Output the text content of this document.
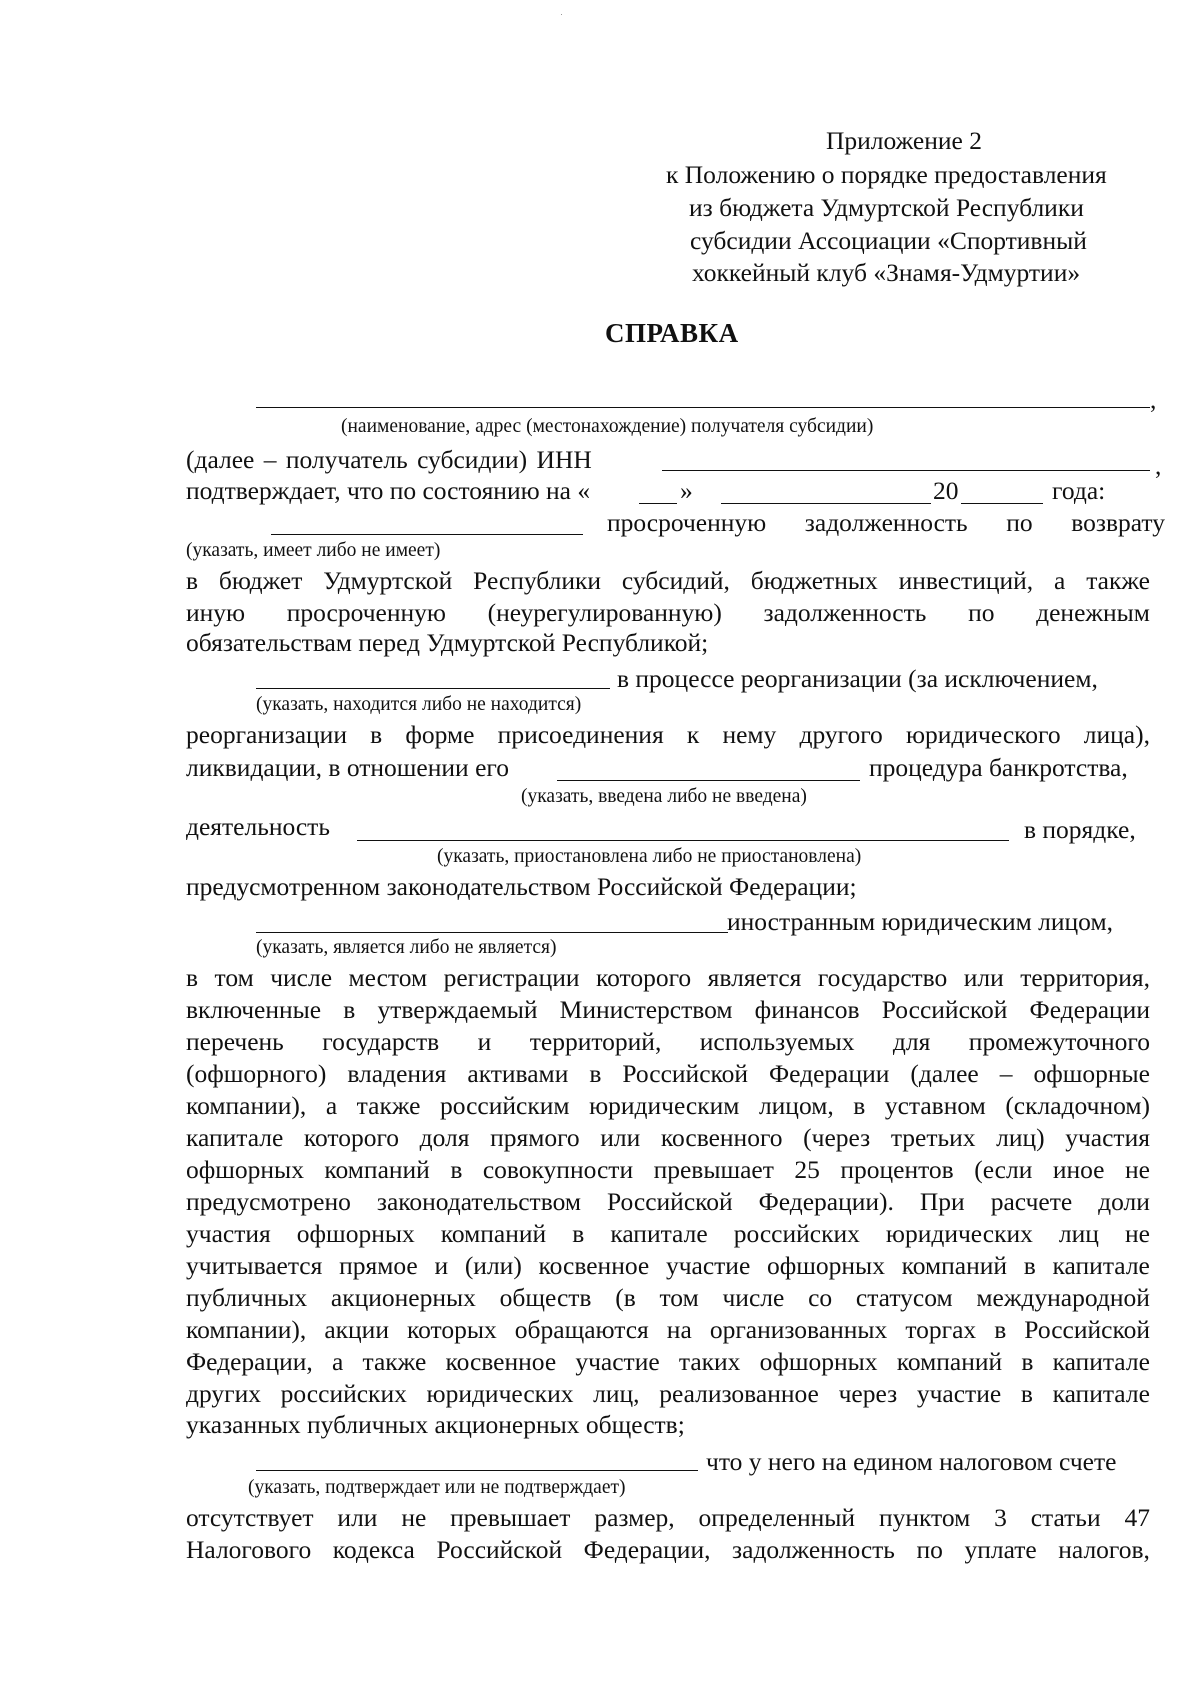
Приложение 2
к Положению о порядке предоставления
из бюджета Удмуртской Республики
субсидии Ассоциации «Спортивный
хоккейный клуб «Знамя-Удмуртии»
СПРАВКА
,
(наименование, адрес (местонахождение) получателя субсидии)
(далее – получатель субсидии) ИНН	,
подтверждает, что по состоянию на «	»	20	года:
просроченную задолженность по возврату
(указать, имеет либо не имеет)
в бюджет Удмуртской Республики субсидий, бюджетных инвестиций, а также
иную просроченную (неурегулированную) задолженность по денежным
обязательствам перед Удмуртской Республикой;
в процессе реорганизации (за исключением,
(указать, находится либо не находится)
реорганизации в форме присоединения к нему другого юридического лица),
ликвидации, в отношении его	процедура банкротства,
(указать, введена либо не введена)
деятельность	в порядке,
(указать, приостановлена либо не приостановлена)
предусмотренном законодательством Российской Федерации;
иностранным юридическим лицом,
(указать, является либо не является)
в том числе местом регистрации которого является государство или территория,
включенные в утверждаемый Министерством финансов Российской Федерации
перечень государств и территорий, используемых для промежуточного
(офшорного) владения активами в Российской Федерации (далее – офшорные
компании), а также российским юридическим лицом, в уставном (складочном)
капитале которого доля прямого или косвенного (через третьих лиц) участия
офшорных компаний в совокупности превышает 25 процентов (если иное не
предусмотрено законодательством Российской Федерации). При расчете доли
участия офшорных компаний в капитале российских юридических лиц не
учитывается прямое и (или) косвенное участие офшорных компаний в капитале
публичных акционерных обществ (в том числе со статусом международной
компании), акции которых обращаются на организованных торгах в Российской
Федерации, а также косвенное участие таких офшорных компаний в капитале
других российских юридических лиц, реализованное через участие в капитале
указанных публичных акционерных обществ;
что у него на едином налоговом счете
(указать, подтверждает или не подтверждает)
отсутствует или не превышает размер, определенный пунктом 3 статьи 47
Налогового кодекса Российской Федерации, задолженность по уплате налогов,
